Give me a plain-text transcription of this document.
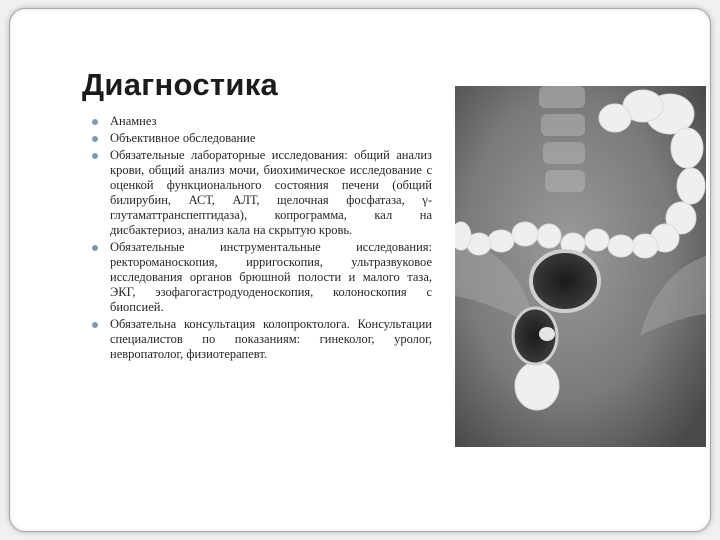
Диагностика
Анамнез
Объективное обследование
Обязательные лабораторные исследования: общий анализ крови, общий анализ мочи, биохимическое исследование с оценкой функционального состояния печени (общий билирубин, АСТ, АЛТ, щелочная фосфатаза, γ-глутаматтранспептидаза), копрограмма, кал на дисбактериоз, анализ кала на скрытую кровь.
Обязательные инструментальные исследования: ректороманоскопия, ирригоскопия, ультразвуковое исследования органов брюшной полости и малого таза, ЭКГ, эзофагогастродуоденоскопия, колоноскопия с биопсией.
Обязательна консультация колопроктолога. Консультации специалистов по показаниям: гинеколог, уролог, невропатолог, физиотерапевт.
